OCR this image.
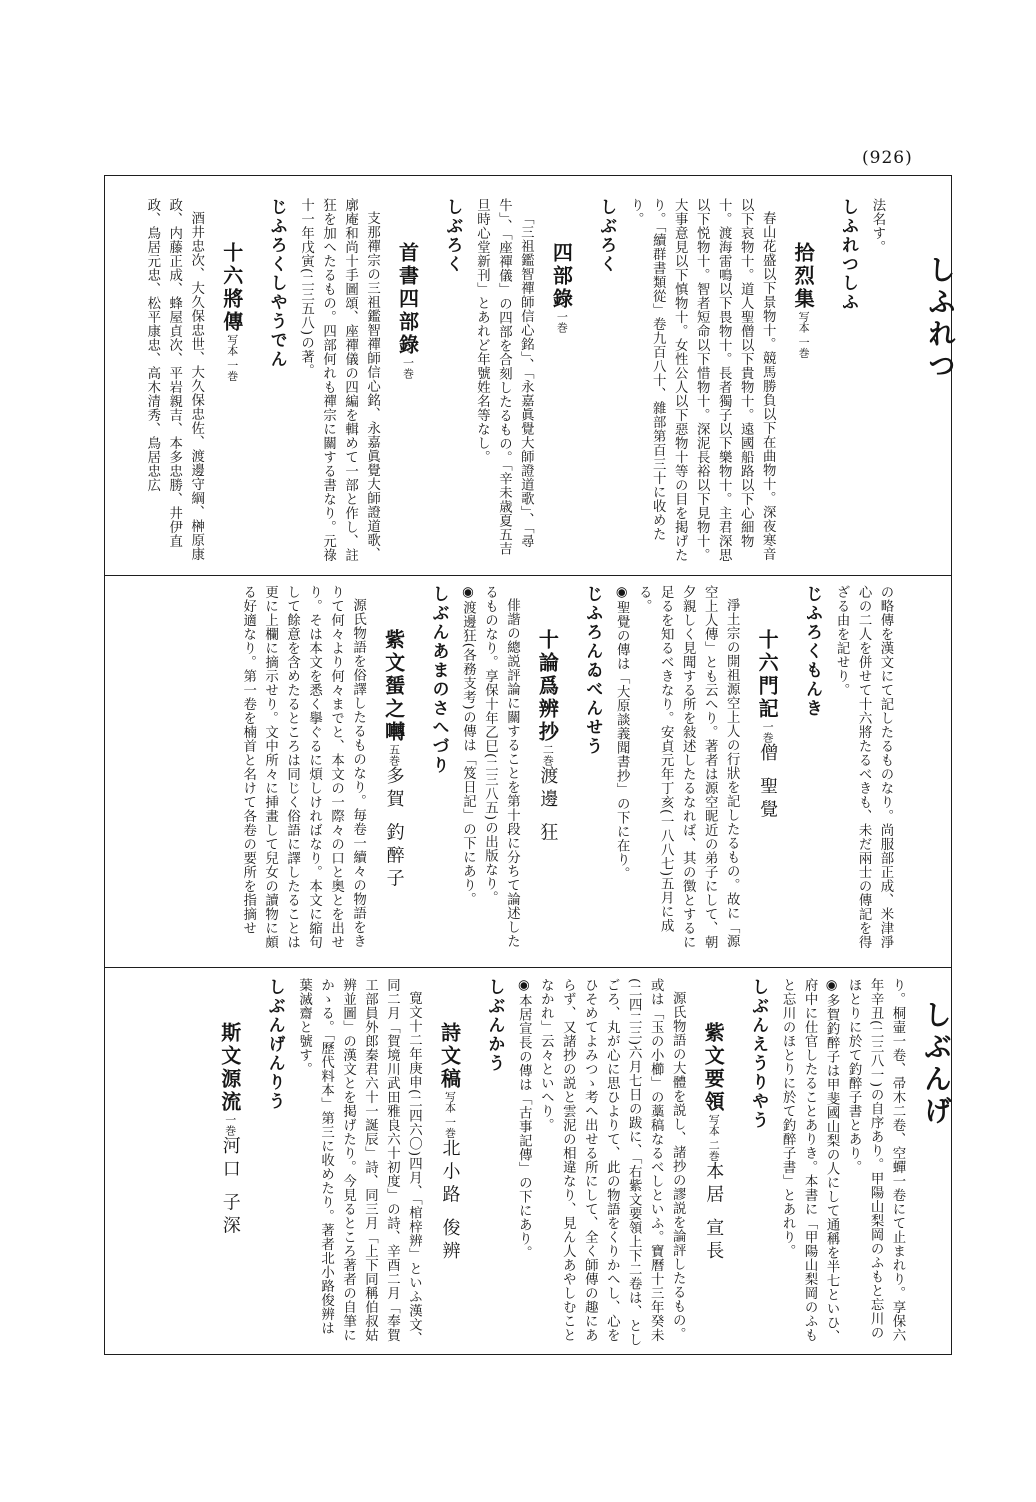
(926)
しふれつ
しぶんげ

法名す。

しふれつしふ

拾烈集写本 一巻

春山花盛以下景物十。競馬勝負以下在曲物十。深夜寒音以下哀物十。道人聖僧以下貴物十。遠國船路以下心細物十。渡海雷鳴以下畏物十。長者獨子以下樂物十。主君深思以下悦物十。智者短命以下惜物十。深泥長裕以下見物十。大事意見以下慎物十。女性公人以下惡物十等の目を掲げたり。「續群書類從」卷九百八十、雜部第百三十に收めたり。

しぶろく

四部錄一巻

「三祖鑑智禪師信心銘」、「永嘉眞覺大師證道歌」、「尋牛」、「座禪儀」の四部を合刻したるもの。「辛未歳夏五吉旦時心堂新刊」とあれど年號姓名等なし。

しぶろく

首書四部錄一巻

支那禪宗の三祖鑑智禪師信心銘、永嘉眞覺大師證道歌、廓庵和尚十手圖頌、座禪儀の四編を輯めて一部と作し、註狂を加へたるもの。四部何れも禪宗に關する書なり。元祿十一年戊寅(二三五八)の著。

じふろくしやうでん

十六將傳写本 一巻

酒井忠次、大久保忠世、大久保忠佐、渡邊守綱、榊原康政、内藤正成、蜂屋貞次、平岩親吉、本多忠勝、井伊直政、鳥居元忠、松平康忠、高木清秀、鳥居忠広

の略傳を漢文にて記したるものなり。尚服部正成、米津淨心の二人を併せて十六將たるべきも、未だ兩士の傳記を得ざる由を記せり。

じふろくもんき

十六門記一巻僧 聖覺

淨土宗の開祖源空上人の行狀を記したるもの。故に「源空上人傳」とも云へり。著者は源空昵近の弟子にして、朝夕親しく見聞する所を敍述したるなれば、其の徴とするに足るを知るべきなり。安貞元年丁亥(一八八七)五月に成る。

◉聖覺の傳は「大原談義聞書抄」の下に在り。

じふろんゐべんせう

十論爲辨抄二巻渡邊 狂

俳諧の總説評論に關することを第十段に分ちて論述したるものなり。享保十年乙巳(二三八五)の出版なり。

◉渡邊狂(各務支考)の傳は「笈日記」の下にあり。

しぶんあまのさへづり

紫文蜑之囀五巻多賀 釣醉子

源氏物語を俗譯したるものなり。毎卷一續々の物語をきりて何々より何々までと、本文の一際々の口と奥とを出せり。そは本文を悉く擧ぐるに煩しければなり。本文に縮句して餘意を含めたるところは同じく俗語に譯したることは更に上欄に摘示せり。文中所々に挿畫して兒女の讀物に頗る好適なり。第一卷を楠首と名けて各卷の要所を指摘せ

り。桐壷一卷、帚木二卷、空蟬一卷にて止まれり。享保六年辛丑(二三八一)の自序あり。甲陽山梨岡のふもと忘川のほとりに於て釣醉子書とあり。

◉多賀釣醉子は甲斐國山梨の人にして通稱を半七といひ、府中に仕官したることありき。本書に「甲陽山梨岡のふもと忘川のほとりに於て釣醉子書」とあれり。

しぶんえうりやう

紫文要領写本 二巻本居 宣長

源氏物語の大體を説し、諸抄の謬説を論評したるもの。或は「玉の小櫛」の藁稿なるべしといふ。寶曆十三年癸未(二四二三)六月七日の跋に、「右紫文要領上下二卷は、としごろ、丸が心に思ひよりて、此の物語をくりかへし、心をひそめてよみつゝ考へ出せる所にして、全く師傳の趣にあらず、又諸抄の説と雲泥の相違なり、見ん人あやしむことなかれ」云々といへり。

◉本居宣長の傳は「古事記傳」の下にあり。

しぶんかう

詩文稿写本 一巻北小路 俊辨

寛文十二年庚申(二四六〇)四月、「棺梓辨」といふ漢文、同二月「賀境川武田雅良六十初度」の詩、辛酉二月「奉賀工部員外郎秦君六十一誕辰」詩、同三月「上下同稱伯叔姑辨並圖」の漢文とを掲げたり。今見るところ著者の自筆にかゝる。「歷代料本」第三に收めたり。著者北小路俊辨は葉滅齋と號す。

しぶんげんりう

斯文源流一巻河口 子深
